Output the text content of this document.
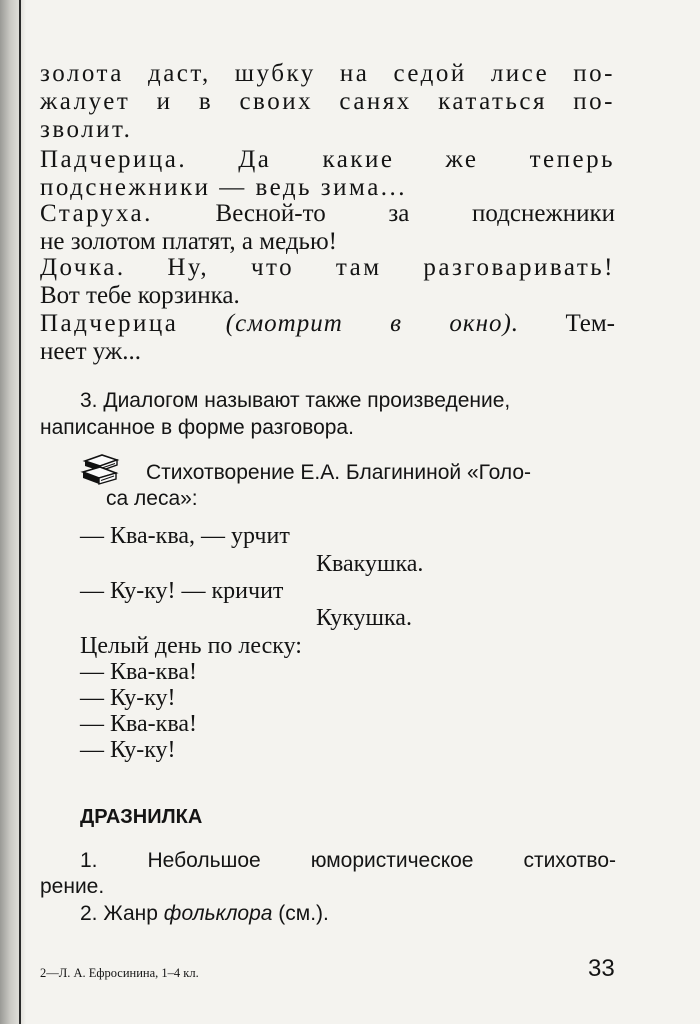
золота даст, шубку на седой лисе по-
жалует и в своих санях кататься по-
зволит.
Падчерица. Да какие же теперь
подснежники — ведь зима...
Старуха. Весной-то за подснежники
не золотом платят, а медью!
Дочка. Ну, что там разговаривать!
Вот тебе корзинка.
Падчерица (смотрит в окно). Тем-
неет уж...
3. Диалогом называют также произведение,
написанное в форме разговора.
Стихотворение Е.А. Благининой «Голо-
са леса»:
— Ква-ква, — урчит
Квакушка.
— Ку-ку! — кричит
Кукушка.
Целый день по леску:
— Ква-ква!
— Ку-ку!
— Ква-ква!
— Ку-ку!
ДРАЗНИЛКА
1. Небольшое юмористическое стихотво-
рение.
2. Жанр фольклора (см.).
2—Л. А. Ефросинина, 1–4 кл.	33
